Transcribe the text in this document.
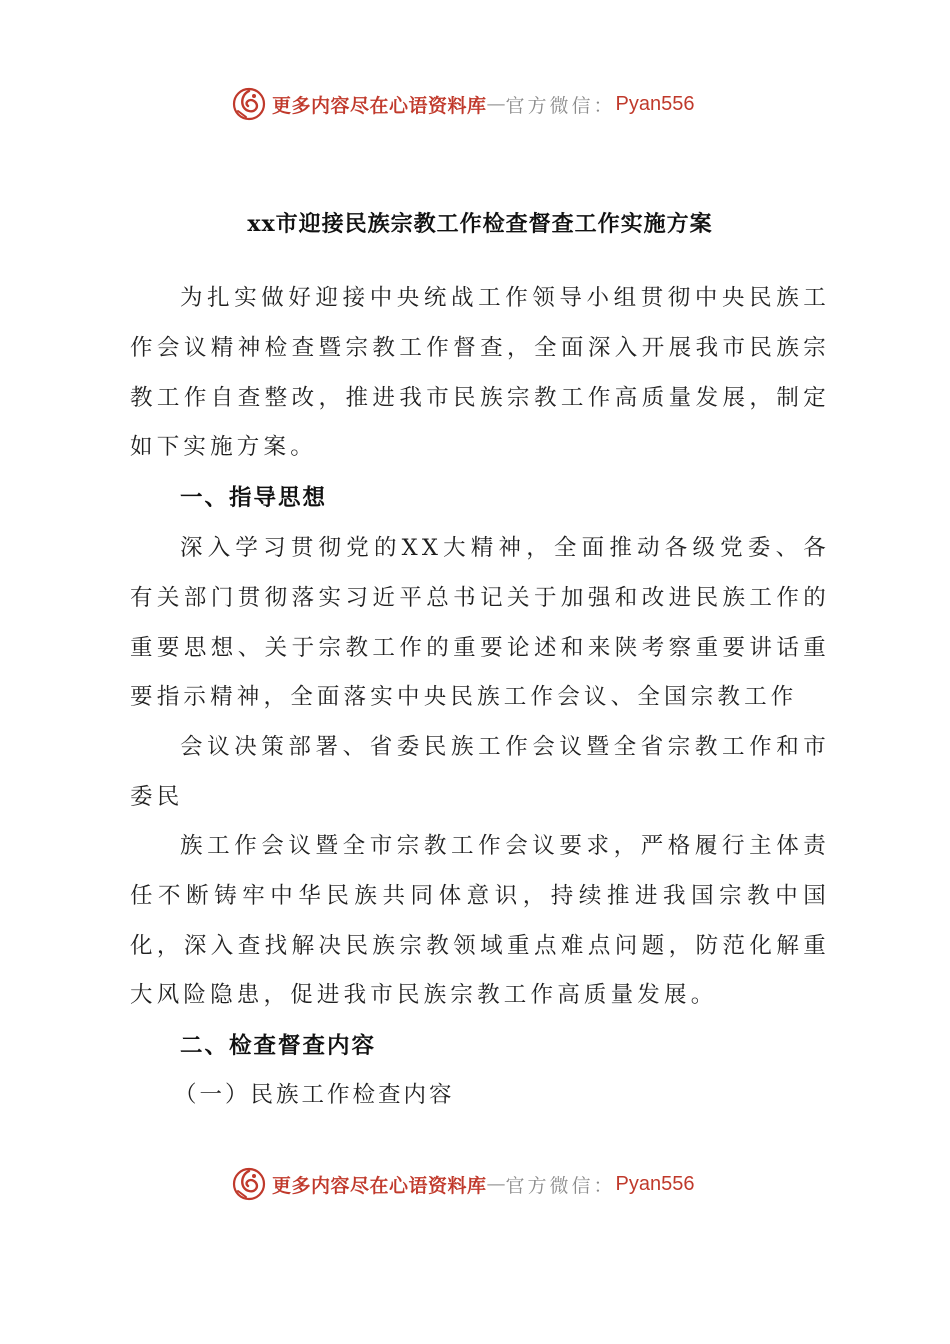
更多内容尽在心语资料库 — 官方微信： Pyan556
xx市迎接民族宗教工作检查督查工作实施方案

为扎实做好迎接中央统战工作领导小组贯彻中央民族工作会议精神检查暨宗教工作督查，全面深入开展我市民族宗教工作自查整改，推进我市民族宗教工作高质量发展，制定如下实施方案。

一、指导思想

深入学习贯彻党的XX大精神，全面推动各级党委、各有关部门贯彻落实习近平总书记关于加强和改进民族工作的重要思想、关于宗教工作的重要论述和来陕考察重要讲话重要指示精神，全面落实中央民族工作会议、全国宗教工作

会议决策部署、省委民族工作会议暨全省宗教工作和市委民

族工作会议暨全市宗教工作会议要求，严格履行主体责任不断铸牢中华民族共同体意识，持续推进我国宗教中国化，深入查找解决民族宗教领域重点难点问题，防范化解重大风险隐患，促进我市民族宗教工作高质量发展。

二、检查督查内容

（一）民族工作检查内容

更多内容尽在心语资料库 — 官方微信： Pyan556
